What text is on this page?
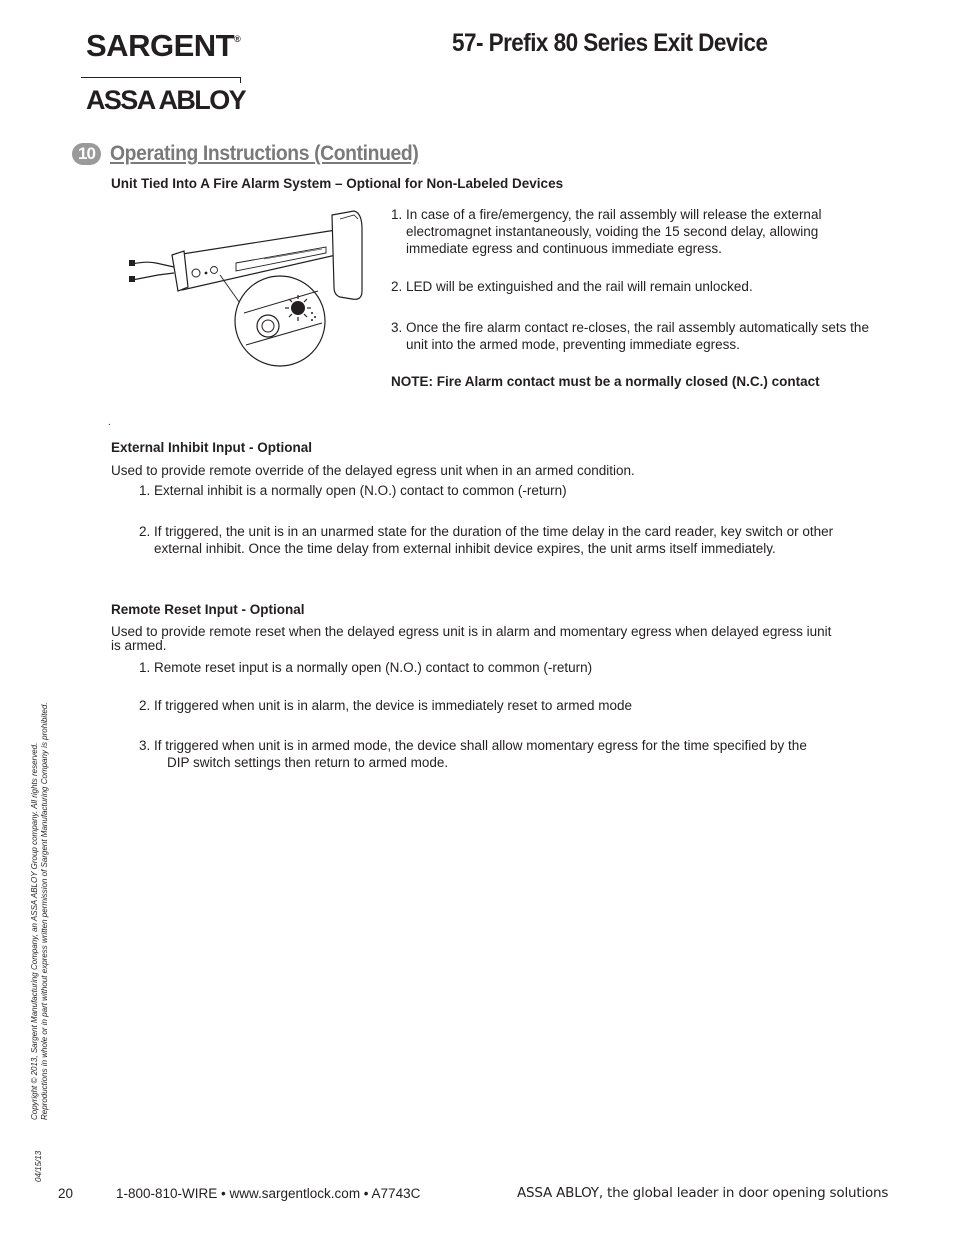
SARGENT®
ASSA ABLOY
57- Prefix 80 Series Exit Device
10 Operating Instructions (Continued)
Unit Tied Into A Fire Alarm System – Optional for Non-Labeled Devices
1. In case of a fire/emergency, the rail assembly will release the external
electromagnet instantaneously, voiding the 15 second delay, allowing
immediate egress and continuous immediate egress.
2. LED will be extinguished and the rail will remain unlocked.
3. Once the fire alarm contact re-closes, the rail assembly automatically sets the
unit into the armed mode, preventing immediate egress.
NOTE: Fire Alarm contact must be a normally closed (N.C.) contact
.
External Inhibit Input - Optional
Used to provide remote override of the delayed egress unit when in an armed condition.
1. External inhibit is a normally open (N.O.) contact to common (-return)
2. If triggered, the unit is in an unarmed state for the duration of the time delay in the card reader, key switch or other
external inhibit. Once the time delay from external inhibit device expires, the unit arms itself immediately.
Remote Reset Input - Optional
Used to provide remote reset when the delayed egress unit is in alarm and momentary egress when delayed egress iunit
is armed.
1. Remote reset input is a normally open (N.O.) contact to common (-return)
2. If triggered when unit is in alarm, the device is immediately reset to armed mode
3. If triggered when unit is in armed mode, the device shall allow momentary egress for the time specified by the
DIP switch settings then return to armed mode.
Copyright © 2013, Sargent Manufacturing Company, an ASSA ABLOY Group company. All rights reserved. Reproductions in whole or in part without express written permission of Sargent Manufacturing Company is prohibited.
04/15/13
20	1-800-810-WIRE • www.sargentlock.com • A7743C	ASSA ABLOY, the global leader in door opening solutions
